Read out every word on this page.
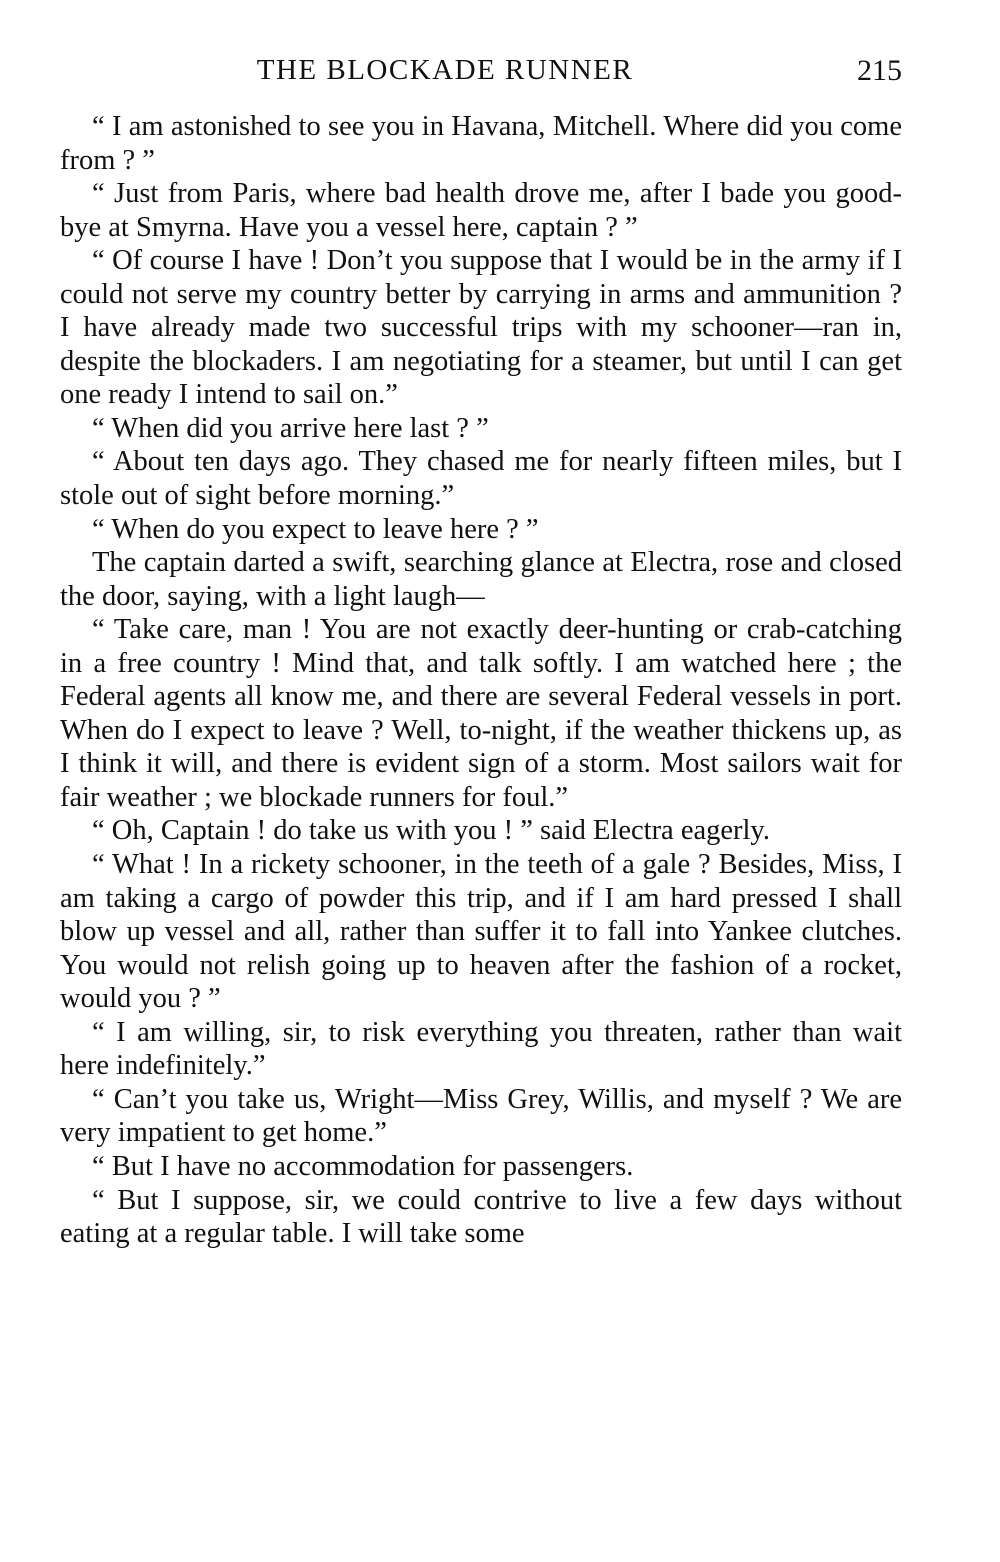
THE BLOCKADE RUNNER	215

“ I am astonished to see you in Havana, Mitchell. Where did you come from ? ”

“ Just from Paris, where bad health drove me, after I bade you good-bye at Smyrna. Have you a vessel here, captain ? ”

“ Of course I have ! Don’t you suppose that I would be in the army if I could not serve my country better by carrying in arms and ammunition ? I have already made two successful trips with my schooner—ran in, despite the blockaders. I am negotiating for a steamer, but until I can get one ready I intend to sail on.”

“ When did you arrive here last ? ”

“ About ten days ago. They chased me for nearly fifteen miles, but I stole out of sight before morning.”

“ When do you expect to leave here ? ”

The captain darted a swift, searching glance at Electra, rose and closed the door, saying, with a light laugh—

“ Take care, man ! You are not exactly deer-hunting or crab-catching in a free country ! Mind that, and talk softly. I am watched here ; the Federal agents all know me, and there are several Federal vessels in port. When do I expect to leave ? Well, to-night, if the weather thickens up, as I think it will, and there is evident sign of a storm. Most sailors wait for fair weather ; we blockade runners for foul.”

“ Oh, Captain ! do take us with you ! ” said Electra eagerly.

“ What ! In a rickety schooner, in the teeth of a gale ? Besides, Miss, I am taking a cargo of powder this trip, and if I am hard pressed I shall blow up vessel and all, rather than suffer it to fall into Yankee clutches. You would not relish going up to heaven after the fashion of a rocket, would you ? ”

“ I am willing, sir, to risk everything you threaten, rather than wait here indefinitely.”

“ Can’t you take us, Wright—Miss Grey, Willis, and myself ? We are very impatient to get home.”

“ But I have no accommodation for passengers.

“ But I suppose, sir, we could contrive to live a few days without eating at a regular table. I will take some
